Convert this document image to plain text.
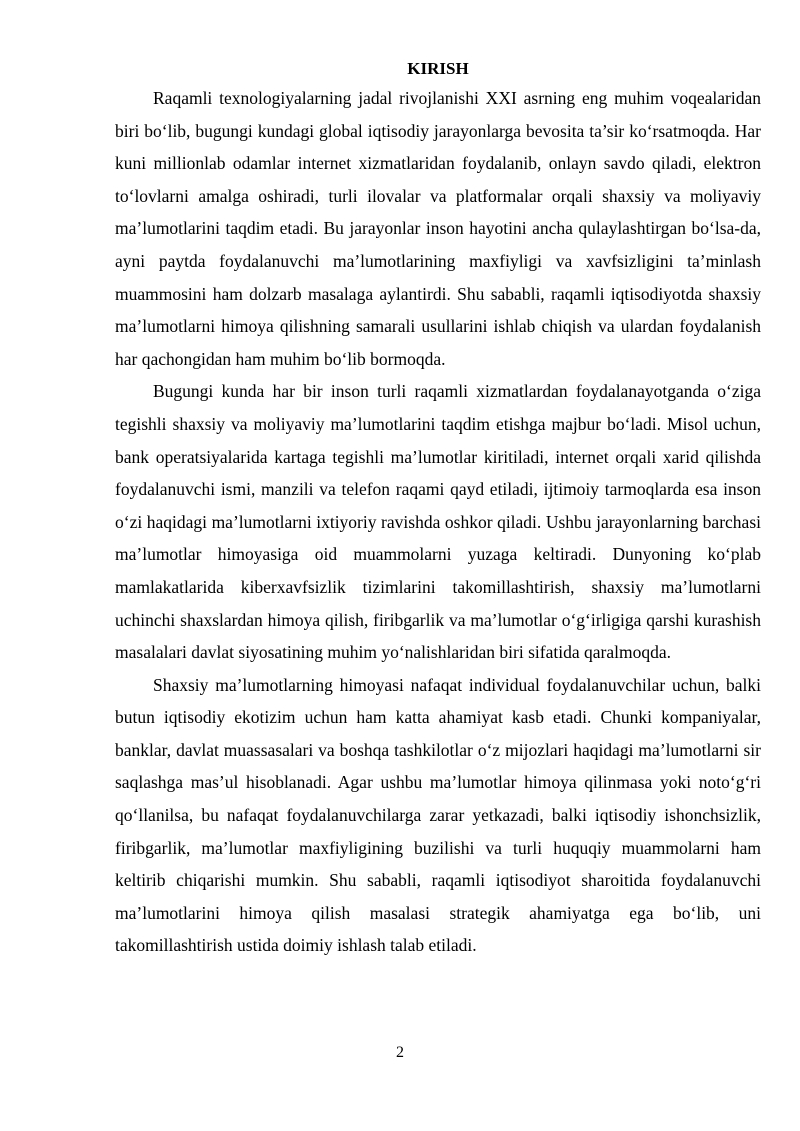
KIRISH

Raqamli texnologiyalarning jadal rivojlanishi XXI asrning eng muhim voqealaridan biri bo‘lib, bugungi kundagi global iqtisodiy jarayonlarga bevosita ta’sir ko‘rsatmoqda. Har kuni millionlab odamlar internet xizmatlaridan foydalanib, onlayn savdo qiladi, elektron to‘lovlarni amalga oshiradi, turli ilovalar va platformalar orqali shaxsiy va moliyaviy ma’lumotlarini taqdim etadi. Bu jarayonlar inson hayotini ancha qulaylashtirgan bo‘lsa-da, ayni paytda foydalanuvchi ma’lumotlarining maxfiyligi va xavfsizligini ta’minlash muammosini ham dolzarb masalaga aylantirdi. Shu sababli, raqamli iqtisodiyotda shaxsiy ma’lumotlarni himoya qilishning samarali usullarini ishlab chiqish va ulardan foydalanish har qachongidan ham muhim bo‘lib bormoqda.

Bugungi kunda har bir inson turli raqamli xizmatlardan foydalanayotganda o‘ziga tegishli shaxsiy va moliyaviy ma’lumotlarini taqdim etishga majbur bo‘ladi. Misol uchun, bank operatsiyalarida kartaga tegishli ma’lumotlar kiritiladi, internet orqali xarid qilishda foydalanuvchi ismi, manzili va telefon raqami qayd etiladi, ijtimoiy tarmoqlarda esa inson o‘zi haqidagi ma’lumotlarni ixtiyoriy ravishda oshkor qiladi. Ushbu jarayonlarning barchasi ma’lumotlar himoyasiga oid muammolarni yuzaga keltiradi. Dunyoning ko‘plab mamlakatlarida kiberxavfsizlik tizimlarini takomillashtirish, shaxsiy ma’lumotlarni uchinchi shaxslardan himoya qilish, firibgarlik va ma’lumotlar o‘g‘irligiga qarshi kurashish masalalari davlat siyosatining muhim yo‘nalishlaridan biri sifatida qaralmoqda.

Shaxsiy ma’lumotlarning himoyasi nafaqat individual foydalanuvchilar uchun, balki butun iqtisodiy ekotizim uchun ham katta ahamiyat kasb etadi. Chunki kompaniyalar, banklar, davlat muassasalari va boshqa tashkilotlar o‘z mijozlari haqidagi ma’lumotlarni sir saqlashga mas’ul hisoblanadi. Agar ushbu ma’lumotlar himoya qilinmasa yoki noto‘g‘ri qo‘llanilsa, bu nafaqat foydalanuvchilarga zarar yetkazadi, balki iqtisodiy ishonchsizlik, firibgarlik, ma’lumotlar maxfiyligining buzilishi va turli huquqiy muammolarni ham keltirib chiqarishi mumkin. Shu sababli, raqamli iqtisodiyot sharoitida foydalanuvchi ma’lumotlarini himoya qilish masalasi strategik ahamiyatga ega bo‘lib, uni takomillashtirish ustida doimiy ishlash talab etiladi.

2
